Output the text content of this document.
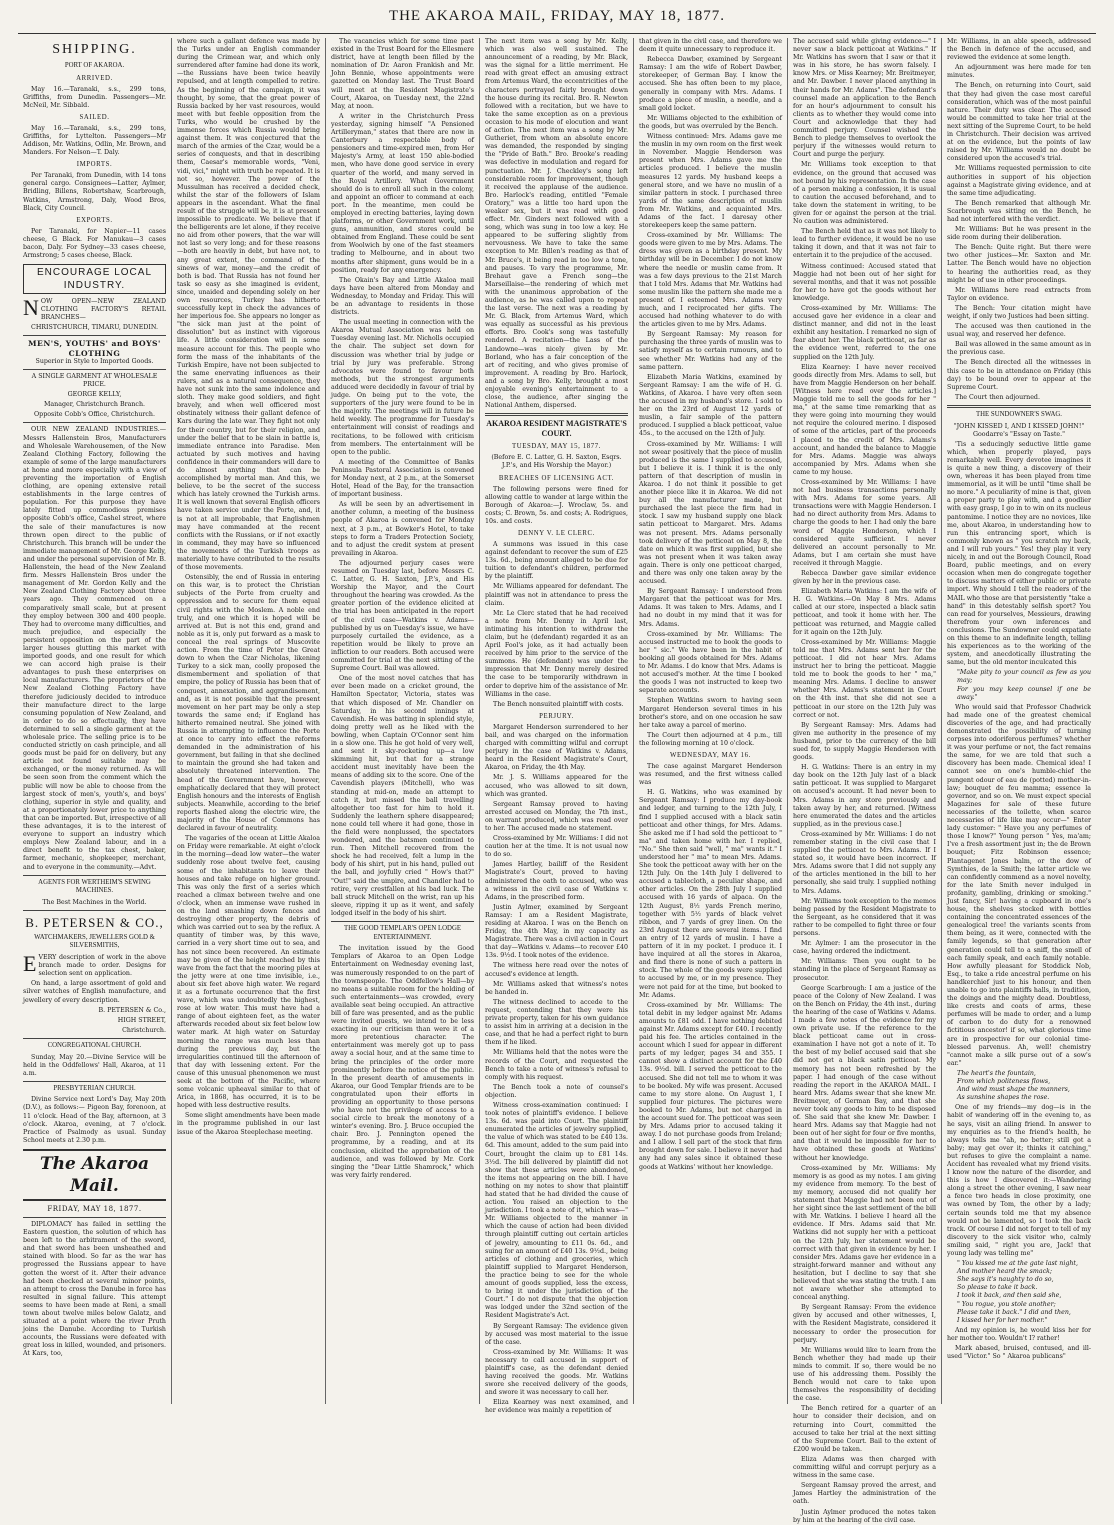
THE AKAROA MAIL, FRIDAY, MAY 18, 1877.
SHIPPING.
PORT OF AKAROA.
ARRIVED.

May 16.—Taranaki, s.s., 299 tons, Griffiths, from Dunedin. Passengers—Mr. McNeil, Mr. Sibbald.

SAILED.

May 16.—Taranaki, s.s., 299 tons, Griffiths, for Lyttelton. Passengers—Mr Addison, Mr. Watkins, Odlin, Mr. Brown, and Manders. For Nelson—T. Daly.

IMPORTS.

Per Taranaki, from Dunedin, with 14 tons general cargo. Consignees—Latter, Aylmer, Bridling, Billens, Robertshaw, Scarbrough, Watkins, Armstrong, Daly, Wood Bros, Black, City Council.

EXPORTS.

Per Taranaki, for Napier—11 cases cheese, G Black. For Manukau—3 cases bacon, Daly. For Sydney—33 cases cheese, Armstrong; 5 cases cheese, Black.

ENCOURAGE LOCAL INDUSTRY.

NOW OPEN—NEW ZEALAND CLOTHING FACTORY'S RETAIL BRANCHES—

CHRISTCHURCH, TIMARU, DUNEDIN.

MEN'S, YOUTHS' and BOYS' CLOTHING

Superior in Style to Imported Goods.

A SINGLE GARMENT AT WHOLESALE PRICE.

GEORGE KELLY,

Manager, Christchurch Branch.

Opposite Cobb's Office, Christchurch.

OUR NEW ZEALAND INDUSTRIES.—Messrs Hallenstein Bros, Manufacturers and Wholesale Warehousemen, of the New Zealand Clothing Factory, following the example of some of the large manufacturers at home and more especially with a view of preventing the importation of English clothing, are opening extensive retail establishments in the large centres of population. For this purpose they have lately fitted up commodious premises opposite Cobb's office, Cashel street, where the sale of their manufactures is now thrown open direct to the public of Christchurch. This branch will be under the immediate management of Mr. George Kelly, and under the personal supervision of Mr. B. Hallenstein, the head of the New Zealand firm. Messrs Hallenstein Bros under the management of Mr. Gordon Kelly and the New Zealand Clothing Factory about three years ago. They commenced on a comparatively small scale, but at present they employ between 300 and 400 people. They had to overcome many difficulties, and much prejudice, and especially the persistent opposition on the part of the larger houses glutting this market with imported goods, and one result for which we can accord high praise is their advantages to push these enterprises on local manufacturers. The proprietors of the New Zealand Clothing Factory have therefore judiciously decided to introduce their manufacture direct to the large consuming population of New Zealand, and in order to do so effectually, they have determined to sell a single garment at the wholesale price. The selling price is to be conducted strictly on cash principle, and all goods must be paid for on delivery, but any article not found suitable may be exchanged, or the money returned. As will be seen soon from the comment which the public will now be able to choose from the largest stock of men's, youth's, and boys' clothing, superior in style and quality, and at a proportionately lower price to anything that can be imported. But, irrespective of all these advantages, it is to the interest of everyone to support an industry which employs New Zealand labour, and in a direct benefit to the tax chest, baker, farmer, mechanic, shopkeeper, merchant, and to everyone in the community.—Advt.

AGENTS FOR WERTHEIM'S SEWING MACHINES.

The Best Machines in the World.

B. PETERSEN & CO.,
WATCHMAKERS, JEWELLERS GOLD & SILVERSMITHS,

EVERY description of work in the above branch made to order. Designs for selection sent on application.

On hand, a large assortment of gold and silver watches of English manufacture, and jewellery of every description.

B. PETERSEN & Co.,

HIGH STREET,

Christchurch.

CONGREGATIONAL CHURCH.

Sunday, May 20.—Divine Service will be held in the Oddfellows' Hall, Akaroa, at 11 a.m.

PRESBYTERIAN CHURCH.

Divine Service next Lord's Day, May 20th (D.V.), as follows:— Pigeon Bay, forenoon, at 11 o'clock. Head of the Bay, afternoon, at 3 o'clock. Akaroa, evening, at 7 o'clock. Practice of Psalmody as usual. Sunday School meets at 2.30 p.m.

The Akaroa Mail.
FRIDAY, MAY 18, 1877.

DIPLOMACY has failed in settling the Eastern question, the solution of which has been left to the arbitrament of the sword, and that sword has been unsheathed and stained with blood. So far as the war has progressed the Russians appear to have gotten the worst of it. After their advance had been checked at several minor points, an attempt to cross the Danube in force has resulted in signal failure. This attempt seems to have been made at Reni, a small town about twelve miles below Galatz, and situated at a point where the river Pruth joins the Danube. According to Turkish accounts, the Russians were defeated with great loss in killed, wounded, and prisoners. At Kars, too,

where such a gallant defence was made by the Turks under an English commander during the Crimean war, and which only surrendered after famine had done its work,—the Russians have been twice heavily repulsed, and at length compelled to retire. As the beginning of the campaign, it was thought, by some, that the great power of Russia backed by her vast resources, would meet with but feeble opposition from the Turks, who would be crushed by the immense forces which Russia would bring against them. It was conjectured that the march of the armies of the Czar, would be a series of conquests, and that in describing them, Caesar's memorable words, "Veni, vidi, vici," might with truth be repeated. It is not so, however. The power of the Mussulman has received a decided check, whilst the star of the followers of Islam appears in the ascendant. What the final result of the struggle will be, it is at present impossible to predicate. We believe that if the belligerents are let alone, if they receive no aid from other powers, that the war will not last so very long; and for these reasons—both are heavily in debt, but have not, to any great extent, the command of the sinews of war, money—and the credit of both is bad. That Russia has not found her task so easy as she imagined is evident, since, unaided and depending solely on her own resources, Turkey has hitherto successfully kept in check the advances of her imperious foe. She appears no longer as "the sick man just at the point of dissolution" but as instinct with vigorous life. A little consideration will in some measure account for this. The people who form the mass of the inhabitants of the Turkish Empire, have not been subjected to the same enervating influences as their rulers, and as a natural consequence, they have not sunk into the same indolence and sloth. They make good soldiers, and fight bravely, and when well officered most obstinately witness their gallant defence of Kars during the late war. They fight not only for their country, but for their religion, and under the belief that to be slain in battle is, immediate entrance into Paradise. Men actuated by such motives and having confidence in their commanders will dare to do almost anything that can be accomplished by mortal man. And this, we believe, to be the secret of the success which has lately crowned the Turkish arms. It is well known that several English officers have taken service under the Porte, and, it is not at all improbable, that Englishmen may have commanded at the recent conflicts with the Russians, or if not exactly in command, they may have so influenced the movements of the Turkish troops as materially to have contributed to the results of those movements.

Ostensibly, the end of Russia in entering on this war, is to protect the Christian subjects of the Porte from cruelty and oppression and to secure for them equal civil rights with the Moslem. A noble end truly, and one which it is hoped will be arrived at. But is not this end, grand and noble as it is, only put forward as a mask to conceal the real springs of Muscovite action. From the time of Peter the Great down to when the Czar Nicholas, likening Turkey to a sick man, coolly proposed the dismemberment and spoliation of that empire, the policy of Russia has been that of conquest, annexation, and aggrandisement, and, as it is not possible that the present movement on her part may be only a step towards the same end; if England has hitherto remained neutral. She joined with Russia in attempting to influence the Porte at once to carry into effect the reforms demanded in the administration of his government, but failing in that she declined to maintain the ground she had taken and absolutely threatened intervention. The head of the Government have, however, emphatically declared that they will protect English honours and the interests of English subjects. Meanwhile, according to the brief reports flashed along the electric wire, the majority of the House of Commons has declared in favour of neutrality.

The vagaries of the ocean at Little Akaloa on Friday were remarkable. At eight o'clock in the morning—dead low water—the water suddenly rose about twelve feet, causing some of the inhabitants to leave their houses and take refuge on higher ground. This was only the first of a series which reached a climax between twelve and one o'clock, when an immense wave rushed in on the land smashing down fences and destroying other property, the debris of which was carried out to sea by the reflux. A quantity of timber was, by this wave, carried in a very short time out to sea, and has not since been recovered. An estimate may be given of the height reached by this wave from the fact that the mooring piles at the jetty were at one time invisible, i.e., about six feet above high water. We regard it as a fortunate occurrence that the first wave, which was undoubtedly the highest, rose at low water. This must have had a range of about eighteen feet, as the water afterwards receded about six feet below low water mark. At high water on Saturday morning the range was much less than during the previous day, but the irregularities continued till the afternoon of that day with lessening extent. For the cause of this unusual phenomenon we must seek at the bottom of the Pacific, where some volcanic upheaval similar to that of Arica, in 1868, has occurred, it is to be hoped with less destructive results.

Some slight amendments have been made in the programme published in our last issue of the Akaroa Steeplechase meeting.

The vacancies which for some time past existed in the Trust Board for the Ellesmere district, have at length been filled by the nomination of Dr. Aaron Frankish and Mr. John Bennie, whose appointments were gazetted on Monday last. The Trust Board will meet at the Resident Magistrate's Court, Akaroa, on Tuesday next, the 22nd May, at noon.

A writer in the Christchurch Press yesterday, signing himself "A Pensioned Artilleryman," states that there are now in Canterbury a respectable body of pensioners and time-expired men, from Her Majesty's Army, at least 150 able-bodied men, who have done good service in every quarter of the world, and many served in the Royal Artillery. What Government should do is to enroll all such in the colony, and appoint an officer to command at each port. In the meantime, men could be employed in erecting batteries, laying down platforms, or other Government work, until guns, ammunition, and stores could be obtained from England. These could be sent from Woolwich by one of the fast steamers trading to Melbourne, and in about two months after shipment, guns would be in a position, ready for any emergency.

The Okain's Bay and Little Akaloa mail days have been altered from Monday and Wednesday, to Monday and Friday. This will be an advantage to residents in those districts.

The usual meeting in connection with the Akaroa Mutual Association was held on Tuesday evening last. Mr. Nicholls occupied the chair. The subject set down for discussion was whether trial by judge or trial by jury was preferable. Strong advocates were found to favour both methods, but the strongest arguments adduced were decidedly in favour of trial by judge. On being put to the vote, the supporters of the jury were found to be in the majority. The meetings will in future be held weekly. The programme for Tuesday's entertainment will consist of readings and recitations, to be followed with criticism from members. The entertainment will be open to the public.

A meeting of the Committee of Banks Peninsula Pastoral Association is convened for Monday next, at 2 p.m., at the Somerset Hotel, Head of the Bay, for the transaction of important business.

As will be seen by an advertisement in another column, a meeting of the business people of Akaroa is convened for Monday next, at 3 p.m., at Bowker's Hotel, to take steps to form a Traders Protection Society, and to adjust the credit system at present prevailing in Akaroa.

The adjourned perjury cases were resumed on Tuesday last, before Messrs C. C. Latter, G. H. Saxton, J.P.'s, and His Worship the Mayor, and the Court throughout the hearing was crowded. As the greater portion of the evidence elicited at the trial has been anticipated in the report of the civil case—Watkins v. Adams—published by us on Tuesday's issue, we have purposely curtailed the evidence, as a repetition would be likely to prove an infliction to our readers. Both accused were committed for trial at the next sitting of the Supreme Court. Bail was allowed.

One of the most novel catches that has ever been made on a cricket ground, the Hamilton Spectator, Victoria, states was that which disposed of Mr. Chandler on Saturday, in his second innings at Cavendish. He was batting in splendid style, doing pretty well as he liked with the bowling, when Captain O'Connor sent him in a slow one. This he got hold of very well, and sent it sky-rocketing up—a low skimming hit, but that for a strange accident must inevitably have been the means of adding six to the score. One of the Cavendish players (Mitchell), who was standing at mid-on, made an attempt to catch it, but missed the ball travelling altogether too fast for him to hold it. Suddenly the leathern sphere disappeared; none could tell where it had gone, those in the field were nonplussed, the spectators wondered, and the batsmen continued to run. Then Mitchell recovered from the shock he had received, felt a lump in the body of his shirt, put in his hand, pulled out the ball, and joyfully cried " How's that?" "Out!" said the umpire, and Chandler had to retire, very crestfallen at his bad luck. The ball struck Mitchell on the wrist, ran up his sleeve, ripping it up as it went, and safely lodged itself in the body of his shirt.

THE GOOD TEMPLAR'S OPEN LODGE ENTERTAINMENT.

The invitation issued by the Good Templars of Akaroa to an Open Lodge Entertainment on Wednesday evening last, was numerously responded to on the part of the townspeople. The Oddfellow's Hall—by no means a suitable room for the holding of such entertainments—was crowded, every available seat being occupied. An attractive bill of fare was presented, and as the public were invited guests, we intend to be less exacting in our criticism than were it of a more pretentious character. The entertainment was merely got up to pass away a social hour, and at the same time to bring the principles of the order more prominently before the notice of the public. In the present dearth of amusements in Akaroa, our Good Templar friends are to be congratulated upon their efforts in providing an opportunity to those persons who have not the privilege of access to a social circle to break the monotony of a winter's evening. Bro. J. Bruce occupied the chair. Bro. J. Pennington opened the programme, by a reading, and at its conclusion, elicited the approbation of the audience, and was followed by Mr. Cork singing the "Dear Little Shamrock," which was very fairly rendered.

The next item was a song by Mr. Kelly, which was also well sustained. The announcement of a reading, by Mr. Black, was the signal for a little merriment. He read with great effect an amusing extract from Artemus Ward, the eccentricities of the characters portrayed fairly brought down the house during its recital. Bro. R. Newton followed with a recitation, but we have to take the same exception as on a previous occasion to his mode of elocution and want of action. The next item was a song by Mr. Gutheriet, from whom an absolute encore was demanded, the responded by singing the "Pride of Bath." Bro. Brooke's reading was defective in modulation and regard for punctuation. Mr. J. Checkley's song left considerable room for improvement, though it received the applause of the audience. Bro. Harlock's reading, entitled "Female Oratory," was a little too hard upon the weaker sex, but it was read with good effect. Mr. Ginders next followed with a song, which was sung in too low a key. He appeared to be suffering slightly from nervousness. We have to take the same exception to Mr. Billen's reading as that of Mr. Bruce's, it being read in too low a tone, and pauses. To vary the programme, Mr. Brehaut gave a French song—the Marseillaise—the rendering of which met with the unanimous approbation of the audience, as he was called upon to repeat the last verse. The next was a reading by Mr. G. Black, from Artemus Ward, which was equally as successful as his previous efforts. Bro. Cook's song was tastefully rendered. A recitation—the Lass of the Landowne—was nicely given by Mr. Borland, who has a fair conception of the art of reciting, and who gives promise of improvement. A reading by Bro. Harlock, and a song by Bro. Kelly, brought a most enjoyable evening's entertainment to a close, the audience, after singing the National Anthem, dispersed.

AKAROA RESIDENT MAGISTRATE'S COURT.
TUESDAY, MAY 15, 1877.

(Before E. C. Latter, G. H. Saxton, Esqrs. J.P.'s, and His Worship the Mayor.)

BREACHES OF LICENSING ACT.

The following persons were fined for allowing cattle to wander at large within the Borough of Akaroa:—J. Wroclaw, 5s. and costs; C. Brown, 5s. and costs; A. Rodrigues, 10s. and costs.

DENNY V. LE CLERC.

A summons was issued in this case against defendant to recover the sum of £25 13s. 6d., being amount alleged to be due for tuition to defendant's children, performed by the plaintiff.

Mr. Williams appeared for defendant. The plaintiff was not in attendance to press the claim.

Mr. Le Clerc stated that he had received a note from Mr. Denny in April last, intimating his intention to withdraw the claim, but he (defendant) regarded it as an April Fool's joke, as it had actually been received by him prior to the service of the summons. He (defendant) was under the impression that Mr. Denny merely desired the case to be temporarily withdrawn in order to deprive him of the assistance of Mr. Williams in the case.

The Bench nonsuited plaintiff with costs.

PERJURY.

Margaret Henderson surrendered to her bail, and was charged on the information charged with committing wilful and corrupt perjury in the case of Watkins v. Adams, heard in the Resident Magistrate's Court, Akaroa, on Friday, the 4th May.

Mr. J. S. Williams appeared for the accused, who was allowed to sit down, which was granted.

Sergeant Ramsay proved to having arrested accused on Monday, the 7th inst., on warrant produced, which was read over to her. The accused made no statement.

Cross-examined by Mr. Williams: I did not caution her at the time. It is not usual now to do so.

James Hartley, bailiff of the Resident Magistrate's Court, proved to having administered the oath to accused, who was a witness in the civil case of Watkins v. Adams, in the prescribed form.

Justin Aylmer, examined by Sergeant Ramsay: I am a Resident Magistrate, residing at Akaroa. I was on the Bench on Friday, the 4th May, in my capacity as Magistrate. There was a civil action in Court that day—Watkins v. Adams—to recover £40 13s. 9½d. I took notes of the evidence.

The witness here read over the notes of accused's evidence at length.

Mr. Williams asked that witness's notes be handed in.

The witness declined to accede to the request, contending that they were his private property, taken for his own guidance to assist him in arriving at a decision in the case, and that he had a perfect right to burn them if he liked.

Mr. Williams held that the notes were the records of the Court, and requested the Bench to take a note of witness's refusal to comply with his request.

The Bench took a note of counsel's objection.

Witness cross-examination continued: I took notes of plaintiff's evidence. I believe 13s. 6d. was paid into Court. The plaintiff enumerated the articles of jewelry supplied, the value of which was stated to be £40 13s. 6d. This amount, added to the sum paid into Court, brought the claim up to £81 14s. 3½d. The bill delivered by plaintiff did not show that these articles were abandoned, the items not appearing on the bill. I have nothing on my notes to show that plaintiff had stated that he had divided the cause of action. You raised an objection to the jurisdiction. I took a note of it, which was—" Mr. Williams objected to the manner in which the cause of action had been divided through plaintiff cutting out certain articles of jewelry, amounting to £11 0s. 6d., and suing for an amount of £40 13s. 9½d., being articles of clothing and groceries, which plaintiff supplied to Margaret Henderson, the practice being to see for the whole amount of goods supplied, less the excess, to bring it under the jurisdiction of the Court." I do not dispute that the objection was lodged under the 32nd section of the Resident Magistrate's Act.

By Sergeant Ramsay: The evidence given by accused was most material to the issue of the case.

Cross-examined by Mr. Williams: It was necessary to call accused in support of plaintiff's case, as the defendant denied having received the goods. Mr. Watkins swore she received delivery of the goods, and swore it was necessary to call her.

Eliza Kearney was next examined, and her evidence was mainly a repetition of

that given in the civil case, and therefore we deem it quite unnecessary to reproduce it.

Rebecca Dawber, examined by Sergeant Ramsay: I am the wife of Robert Dawber, storekeeper, of German Bay. I know the accused. She has often been to my place, generally in company with Mrs. Adams. I produce a piece of muslin, a needle, and a small gold locket.

Mr. Williams objected to the exhibition of the goods, but was overruled by the Bench.

Witness continued: Mrs. Adams gave me the muslin in my own room on the first week in November. Maggie Henderson was present when Mrs. Adams gave me the articles produced. I believe the muslin measures 12 yards. My husband keeps a general store, and we have no muslin of a similar pattern in stock. I purchased three yards of the same description of muslin from Mr. Watkins, and acquainted Mrs. Adams of the fact. I daresay other storekeepers keep the same pattern.

Cross-examined by Mr. Williams: The goods were given to me by Mrs. Adams. The dress was given as a birthday present. My birthday will be in December. I do not know where the needle or muslin came from. It was a few days previous to the 21st March that I told Mrs. Adams that Mr. Watkins had some muslin like the pattern she made me a present of. I esteemed Mrs. Adams very much, and I reciprocated her gifts. The accused had nothing whatever to do with the articles given to me by Mrs. Adams.

By Sergeant Ramsay: My reason for purchasing the three yards of muslin was to satisfy myself as to certain rumours, and to see whether Mr. Watkins had any of the same pattern.

Elizabeth Maria Watkins, examined by Sergeant Ramsay: I am the wife of H. G. Watkins, of Akaroa. I have very often seen the accused in my husband's store. I sold to her on the 23rd of August 12 yards of muslin, a fair sample of the pattern produced. I supplied a black petticoat, value 45s., to the accused on the 12th of July.

Cross-examined by Mr. Williams: I will not swear positively that the piece of muslin produced is the same I supplied to accused, but I believe it is. I think it is the only pattern of that description of muslin in Akaroa. I do not think it possible to get another piece like it in Akaroa. We did not buy all the manufacturer made, but purchased the last piece the firm had in stock. I saw my husband supply one black satin petticoat to Margaret. Mrs. Adams was not present. Mrs. Adams personally took delivery of the petticoat on May 8, the date on which it was first supplied, but she was not present when it was taken away again. There is only one petticoat charged, and there was only one taken away by the accused.

By Sergeant Ramsay: I understood from Margaret that the petticoat was for Mrs. Adams. It was taken to Mrs. Adams, and I had no doubt in my mind that it was for Mrs. Adams.

Cross-examined by Mr. Williams: The accused instructed me to book the goods to her " sic." We have been in the habit of booking all goods obtained for Mrs. Adams to Mr. Adams. I do know that Mrs. Adams is not accused's mother. At the time I booked the goods I was not instructed to keep two separate accounts.

Stephen Watkins sworn to having seen Margaret Henderson several times in his brother's store, and on one occasion he saw her take away a parcel of merino.

The Court then adjourned at 4 p.m., till the following morning at 10 o'clock.

WEDNESDAY, MAY 16.

The case against Margaret Henderson was resumed, and the first witness called was

H. G. Watkins, who was examined by Sergeant Ramsay: I produce my day-book and ledger, and turning to the 12th July, I find I supplied accused with a black satin petticoat and other things, for Mrs. Adams. She asked me if I had sold the petticoat to " ma" and taken home with her. I replied, "No." She then said "well, " ma" wants it." I understood her " ma" to mean Mrs. Adams. She took the petticoat away with her on the 12th July. On the 14th July I delivered to accused a tablecloth, a peculiar shape, and other articles. On the 28th July I supplied accused with 16 yards of alpaca. On the 12th August, 8½ yards French merino, together with 5½ yards of black velvet ribbon, and 7 yards of grey linen. On the 23rd August there are several items. I find an entry of 12 yards of muslin. I have a pattern of it in my pocket. I produce it. I have inquired at all the stores in Akaroa, and find there is none of such a pattern in stock. The whole of the goods were supplied to accused by me, or in my presence. They were not paid for at the time, but booked to Mr. Adams.

Cross-examined by Mr. Williams: The total debit in my ledger against Mr. Adams amounts to £81 odd. I have nothing debited against Mr. Adams except for £40. I recently paid his fee. The articles contained in the account which I sued for appear in different parts of my ledger, pages 34 and 355. I cannot show a distinct account for the £40 13s. 9½d. bill. I served the petticoat to the accused. She did not tell me to whom it was to be booked. My wife was present. Accused came to my store alone. On August 1, I supplied four pictures. The pictures were booked to Mr. Adams, but not charged in the account sued for. The petticoat was seen by Mrs. Adams prior to accused taking it away. I do not purchase goods from Ireland; and I allow. I sell part of the stock that firm brought down for sale. I believe it never had any had any sales since it obtained these goods at Watkins' without her knowledge.

The accused said while giving evidence—" I never saw a black petticoat at Watkins." If Mr. Watkins has sworn that I saw or that it was in his store, he has sworn falsely. I know Mrs. or Miss Kearney; Mr. Breitmeyer, and Mr. Dawber. I never placed anything in their hands for Mr. Adams". The defendant's counsel made an application to the Bench for an hour's adjournment to consult his clients as to whether they would come into Court and acknowledge that they had committed perjury. Counsel wished the Bench to pledge themselves to overlook the perjury if the witnesses would return to Court and purge the perjury.

Mr. Williams took exception to that evidence, on the ground that accused was not bound by his representation. In the case of a person making a confession, it is usual to caution the accused beforehand, and to take down the statement in writing, to be given for or against the person at the trial. No caution was administered.

The Bench held that as it was not likely to lead to further evidence, it would be no use taking it down, and that it was not fair to entertain it to the prejudice of the accused.

Witness continued: Accused stated that Maggie had not been out of her sight for several months, and that it was not possible for her to have got the goods without her knowledge.

Cross-examined by Mr. Williams: The accused gave her evidence in a clear and distinct manner, and did not in the least exhibit any hesitation. I remarked no sign of fear about her. The black petticoat, as far as the evidence went, referred to the one supplied on the 12th July.

Eliza Kearney: I have never received goods directly from Mrs. Adams to sell, but have from Maggie Henderson on her behalf. [Witness here read over the articles.] Maggie told me to sell the goods for her " ma," at the same time remarking that as they were going into mourning they would not require the coloured merino. I disposed of some of the articles, part of the proceeds I placed to the credit of Mrs. Adams's account, and handed the balance to Maggie for Mrs. Adams. Maggie was always accompanied by Mrs. Adams when she came to my house.

Cross-examined by Mr. Williams: I have not had business transactions personally with Mrs. Adams for some years. All transactions were with Maggie Henderson. I had no direct authority from Mrs. Adams to charge the goods to her. I had only the bare word of Maggie Henderson, which I considered quite sufficient. I never delivered an account personally to Mr. Adams, but I am certain she must have received it through Maggie.

Rebecca Dawber gave similar evidence given by her in the previous case.

Elizabeth Maria Watkins: I am the wife of H. G. Watkins.—On May 8 Mrs. Adams called at our store, inspected a black satin petticoat, and took it home with her. The petticoat was returned, and Maggie called for it again on the 12th July.

Cross-examined by Mr. Williams: Maggie told me that Mrs. Adams sent her for the petticoat. I did not hear Mrs. Adams instruct her to bring the petticoat. Maggie told me to book the goods to her " ma," meaning Mrs. Adams. I decline to answer whether Mrs. Adams's statement in Court on the 4th inst. that she did not see a petticoat in our store on the 12th July was correct or not.

By Sergeant Ramsay: Mrs. Adams had given me authority in the presence of my husband, prior to the currency of the bill sued for, to supply Maggie Henderson with goods.

H. G. Watkins: There is an entry in my day book on the 12th July last of a black satin petticoat. It was supplied to Margaret on accused's account. It had never been to Mrs. Adams in any store previously and taken away by her, and returned. [Witness here enumerated the dates and the articles supplied, as in the previous case.]

Cross-examined by Mr. Williams: I do not remember stating in the civil case that I supplied the petticoat to Mrs. Adams. If I stated so, it would have been incorrect. If Mrs. Adams swore that I did not supply any of the articles mentioned in the bill to her personally, she said truly. I supplied nothing to Mrs. Adams.

Mr. Williams took exception to the memos being passed by the Resident Magistrate to the Sergeant, as he considered that it was rather to be compelled to fight three or four persons.

Mr. Aylmer: I am the prosecutor in the case, having ordered the indictment.

Mr. Williams: Then you ought to be standing in the place of Sergeant Ramsay as prosecutor.

George Scarbrough: I am a justice of the peace of the Colony of New Zealand. I was on the Bench on Friday, the 4th inst., during the hearing of the case of Watkins v. Adams. I made a few notes of the evidence for my own private use. If the reference to the black petticoat came out in cross-examination I have not got a note of it. To the best of my belief accused said that she did not get a black satin petticoat. My memory has not been refreshed by the paper. I had enough of the case without reading the report in the AKAROA MAIL. I heard Mrs. Adams swear that she knew Mr. Breitmeyer, of German Bay, and that she never took any goods to him to be disposed of. She said that she knew Mr. Dawber. I heard Mrs. Adams say that Maggie had not been out of her sight for four or five months, and that it would be impossible for her to have obtained these goods at Watkins' without her knowledge.

Cross-examined by Mr. Williams: My memory is as good as my notes. I am giving my evidence from memory. To the best of my memory, accused did not qualify her statement that Maggie had not been out of her sight since the last settlement of the bill with Mr. Watkins. I believe I heard all the evidence. If Mrs. Adams said that Mr. Watkins did not supply her with a petticoat on the 12th July, her statement would be correct with that given in evidence by her. I consider Mrs. Adams gave her evidence in a straight-forward manner and without any hesitation, but I decline to say that she believed that she was stating the truth. I am not aware whether she attempted to conceal anything.

By Sergeant Ramsay: From the evidence given by accused and other witnesses, I, with the Resident Magistrate, considered it necessary to order the prosecution for perjury.

Mr. Williams would like to learn from the Bench whether they had made up their minds to commit. If so, there would be no use of his addressing them. Possibly the Bench would not care to take upon themselves the responsibility of deciding the case.

The Bench retired for a quarter of an hour to consider their decision, and on returning into Court, committed the accused to take her trial at the next sitting of the Supreme Court. Bail to the extent of £200 would be taken.

Eliza Adams was then charged with committing wilful and corrupt perjury as a witness in the same case.

Sergeant Ramsay proved the arrest, and James Hartley the administration of the oath.

Justin Aylmer produced the notes taken by him at the hearing of the civil case.

Mr. Williams, in an able speech, addressed the Bench in defence of the accused, and reviewed the evidence at some length.

An adjournment was here made for ten minutes.

The Bench, on returning into Court, said that they had given the case most careful consideration, which was of the most painful nature. Their duty was clear. The accused would be committed to take her trial at the next sitting of the Supreme Court, to be held in Christchurch. Their decision was arrived at on the evidence, but the points of law raised by Mr. Williams would no doubt be considered upon the accused's trial.

Mr. Williams requested permission to cite authorities in support of his objection against a Magistrate giving evidence, and at the same time adjudicating.

The Bench remarked that although Mr. Scarbrough was sitting on the Bench, he had not interfered with the verdict.

Mr. Williams: But he was present in the side room during their deliberation.

The Bench: Quite right. But there were two other justices—Mr. Saxton and Mr. Latter. The Bench would have no objection to hearing the authorities read, as they might be of use in other proceedings.

Mr. Williams here read extracts from Taylor on evidence.

The Bench: Your citation might have weight, if only two Justices had been sitting.

The accused was then cautioned in the usual way, and reserved her defence.

Bail was allowed in the same amount as in the previous case.

The Bench directed all the witnesses in this case to be in attendance on Friday (this day) to be bound over to appear at the Supreme Court.

The Court then adjourned.

THE SUNDOWNER'S SWAG.

"JOHN KISSED I, AND I KISSED JOHN!" Goodarre's "Essay on Taste."

'Tis a seducingly seductive little game which, when properly played, pays remarkably well. Every devotee imagines it is quite a new thing, a discovery of their own, whereas it has been played from time immemorial, as it will be until "time shall be no more." A peculiarity of mine is that, given a proper party to play with, and a goodlier with easy grasp, I go in to win on its nucleus pantomime. I notice they are no novices, like me, about Akaroa, in understanding how to run this entrancing sport, which is commonly known as " you scratch my back, and I will rub yours." Yes! they play it very nicely, in and out the Borough Council, Road Board, public meetings, and on every occasion when men do congregate together to discuss matters of either public or private import. Why should I tell the readers of the MAIL who those are that persistently "take a hand" in this detestably selfish sport? You can read for yourselves, Messieurs, drawing therefrom your own inferences and conclusions. The Sundowner could expatiate on this theme to an indefinite length, telling his experiences as to the working of the system, and anecdotically illustrating the same, but the old mentor inculcated this

"Make pity to your council as few as you may;
For you may keep counsel if one be away."

Who would said that Professor Chadwick had made one of the greatest chemical discoveries of the age, and had practically demonstrated the possibility of turning corpses into odoriferous perfumes? whether it was your perfume or not, the fact remains the same, for we are told that such a discovery has been made. Chemical idea! I cannot see on one's humble-chief the pungent odour of eau de (potted) mother-in-law; bouquet de feu mamma; essence la governor, and so on. We must expect special Magazines for sale of these future necessaries of the toilette, when scarce necessaries of life like may occur—" Enter lady customer: " Have you any perfumes of those I know?" Young person " Yes, ma'am; I've a fresh assortment just in; the de Brown bouquet; Fitz Robinson essence; Plantagenet Jones balm, or the dow of Symthies, de la Smith; the latter article we can confidently commend as a novel novelty, for the late Smith never indulged in profanity, gambling, drinking or smoking." Just fancy, Sir! having a cupboard in one's house, the shelves stocked with bottles containing the concentrated essences of the genealogical tree! the variants scents from them being, as it were, connected with the family legends, so that generation after generation could tell to a sniff, the smell of each family speak, and each family notable. How awfully pleasant for Stoddick Nob, Esq., to take a ride ancestral perfume on his handkerchief just to his honour, and then unable to go into plaintiffs halls, in tradition, the doings and the mighty dead. Doubtless, like crests and coats of arms, these perfumes will be made to order, and a lump of carbon to do duty for a renowned fictitious ancestor! if so, what glorious time are in prospective for our colonial time-blessed parvenus. Ah, well! chemistry "cannot make a silk purse out of a sow's ear."

The heart's the fountain,
From which politeness flows,
And wind must shape the manners,
As sunshine shapes the rose.

One of my friends—my dog—is in the habit of wandering off in the evening to, as he says, visit an ailing friend. In answer to my enquiries as to the friend's health, he always tells me "ah, no better; still got a baby; may get over it; thinks it catching," but refuses to give the complaint a name. Accident has revealed what my friend visits. I know now the nature of the disorder, and this is how I discovered it:—Wandering along a street the other evening, I saw near a fence two heads in close proximity, one was owned by Tom, the other by a lady; certain sounds told me that my absence would not be lamented, so I took the back track. Of course I did not forget to tell of my discovery to the sick visitor who, calmly smiling said, " right you are, Jack! that young lady was telling me"

" You kissed me at the gate last night,
And mother heard the smack;
She says it's naughty to do so,
So please to take it back.
I took it back, and then said she,
" You rogue, you stole another;
Please take it back." I did and then,
I kissed her for her mother."

And my opinion is, he would kiss her for her mother too. Wouldn't I? rather!

Mark abased, bruised, contused, and ill-used "Victor." So " Akaroa publicans"
